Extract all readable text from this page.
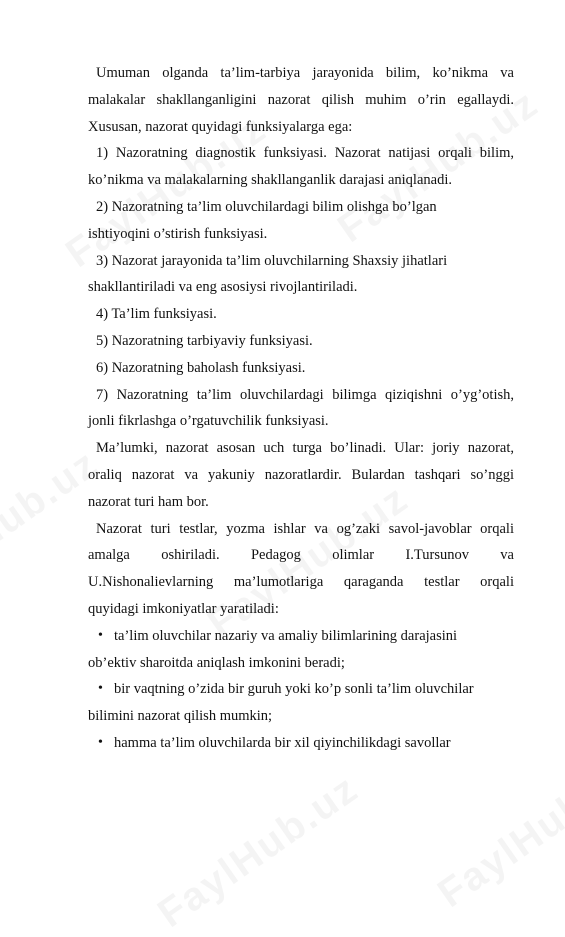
Umuman olganda ta’lim-tarbiya jarayonida bilim, ko’nikma va

malakalar shakllanganligini nazorat qilish muhim o’rin egallaydi.

Xususan, nazorat quyidagi funksiyalarga ega:

1) Nazoratning diagnostik funksiyasi. Nazorat natijasi orqali bilim,

ko’nikma va malakalarning shakllanganlik darajasi aniqlanadi.

2) Nazoratning ta’lim oluvchilardagi bilim olishga bo’lgan

ishtiyoqini o’stirish funksiyasi.

3) Nazorat jarayonida ta’lim oluvchilarning Shaxsiy jihatlari

shakllantiriladi va eng asosiysi rivojlantiriladi.

4) Ta’lim funksiyasi.

5) Nazoratning tarbiyaviy funksiyasi.

6) Nazoratning baholash funksiyasi.

7) Nazoratning ta’lim oluvchilardagi bilimga qiziqishni o’yg’otish,

jonli fikrlashga o’rgatuvchilik funksiyasi.

Ma’lumki, nazorat asosan uch turga bo’linadi. Ular: joriy nazorat,

oraliq nazorat va yakuniy nazoratlardir. Bulardan tashqari so’nggi

nazorat turi ham bor.

Nazorat turi testlar, yozma ishlar va og’zaki savol-javoblar orqali

amalga oshiriladi. Pedagog olimlar I.Tursunov va

U.Nishonalievlarning ma’lumotlariga qaraganda testlar orqali

quyidagi imkoniyatlar yaratiladi:

• ta’lim oluvchilar nazariy va amaliy bilimlarining darajasini

ob’ektiv sharoitda aniqlash imkonini beradi;

• bir vaqtning o’zida bir guruh yoki ko’p sonli ta’lim oluvchilar

bilimini nazorat qilish mumkin;

• hamma ta’lim oluvchilarda bir xil qiyinchilikdagi savollar
